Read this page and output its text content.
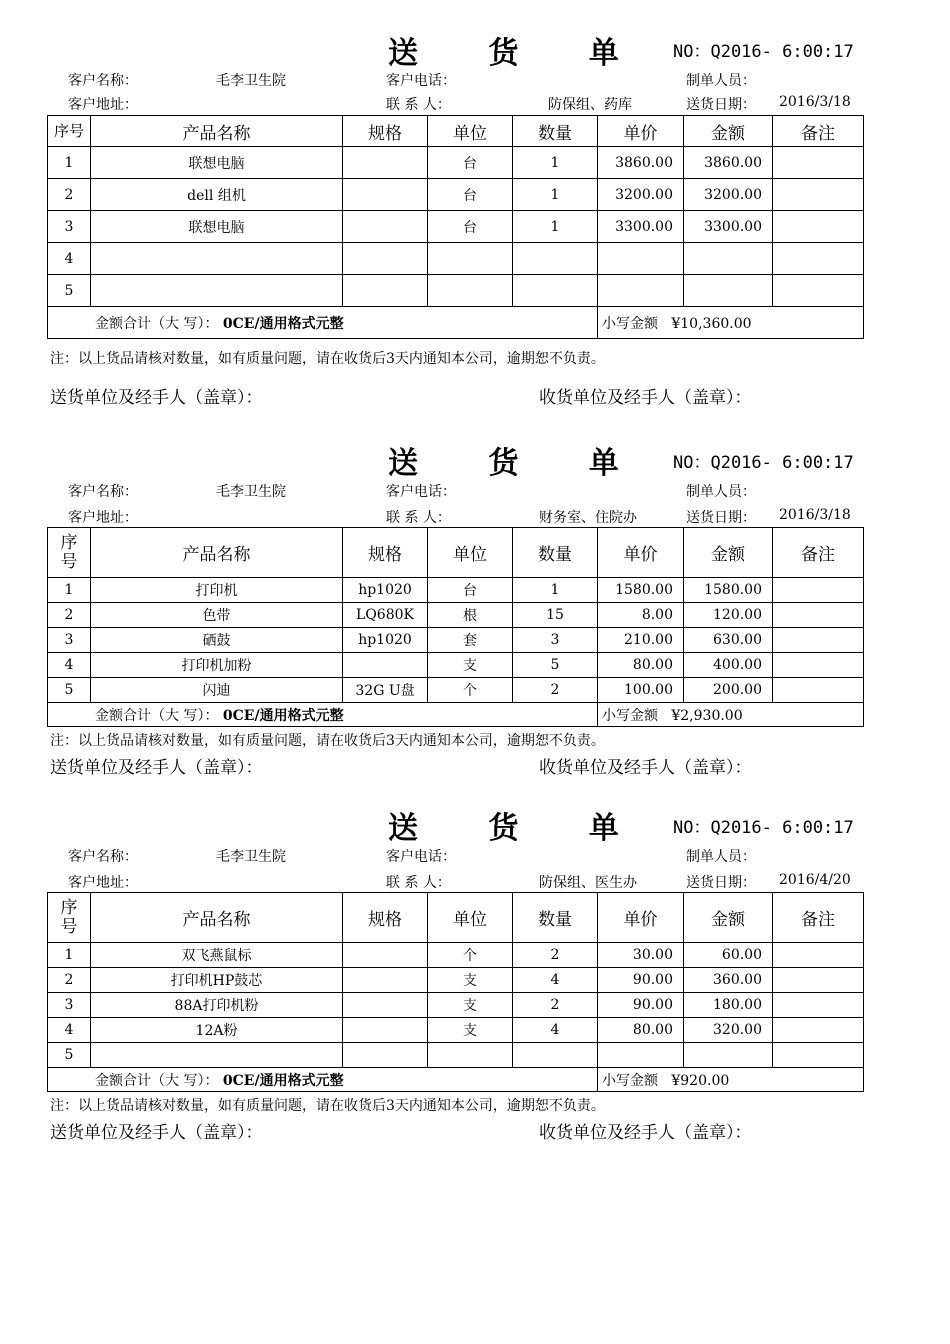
送 货 单 NO：Q2016- 6:00:17
客户名称：	毛李卫生院	客户电话：	制单人员：
客户地址：	联 系 人：	防保组、药库	送货日期： 2016/3/18
序号	产品名称	规格	单位	数量	单价	金额	备注
1	联想电脑		台	1	3860.00	3860.00	
2	dell 组机		台	1	3200.00	3200.00	
3	联想电脑		台	1	3300.00	3300.00	
4							
5							
金额合计（大 写）： 0CE/通用格式元整					小写金额 ¥10,360.00		
注：以上货品请核对数量，如有质量问题，请在收货后3天内通知本公司，逾期恕不负责。
送货单位及经手人（盖章）：	收货单位及经手人（盖章）：
送 货 单 NO：Q2016- 6:00:17
客户名称：	毛李卫生院	客户电话：	制单人员：
客户地址：	联 系 人：	财务室、住院办	送货日期： 2016/3/18
序号	产品名称	规格	单位	数量	单价	金额	备注
1	打印机	hp1020	台	1	1580.00	1580.00	
2	色带	LQ680K	根	15	8.00	120.00	
3	硒鼓	hp1020	套	3	210.00	630.00	
4	打印机加粉		支	5	80.00	400.00	
5	闪迪	32G U盘	个	2	100.00	200.00	
金额合计（大 写）： 0CE/通用格式元整					小写金额 ¥2,930.00		
注：以上货品请核对数量，如有质量问题，请在收货后3天内通知本公司，逾期恕不负责。
送货单位及经手人（盖章）：	收货单位及经手人（盖章）：
送 货 单 NO：Q2016- 6:00:17
客户名称：	毛李卫生院	客户电话：	制单人员：
客户地址：	联 系 人：	防保组、医生办	送货日期： 2016/4/20
序号	产品名称	规格	单位	数量	单价	金额	备注
1	双飞燕鼠标		个	2	30.00	60.00	
2	打印机HP鼓芯		支	4	90.00	360.00	
3	88A打印机粉		支	2	90.00	180.00	
4	12A粉		支	4	80.00	320.00	
5							
金额合计（大 写）： 0CE/通用格式元整					小写金额 ¥920.00		
注：以上货品请核对数量，如有质量问题，请在收货后3天内通知本公司，逾期恕不负责。
送货单位及经手人（盖章）：	收货单位及经手人（盖章）：
